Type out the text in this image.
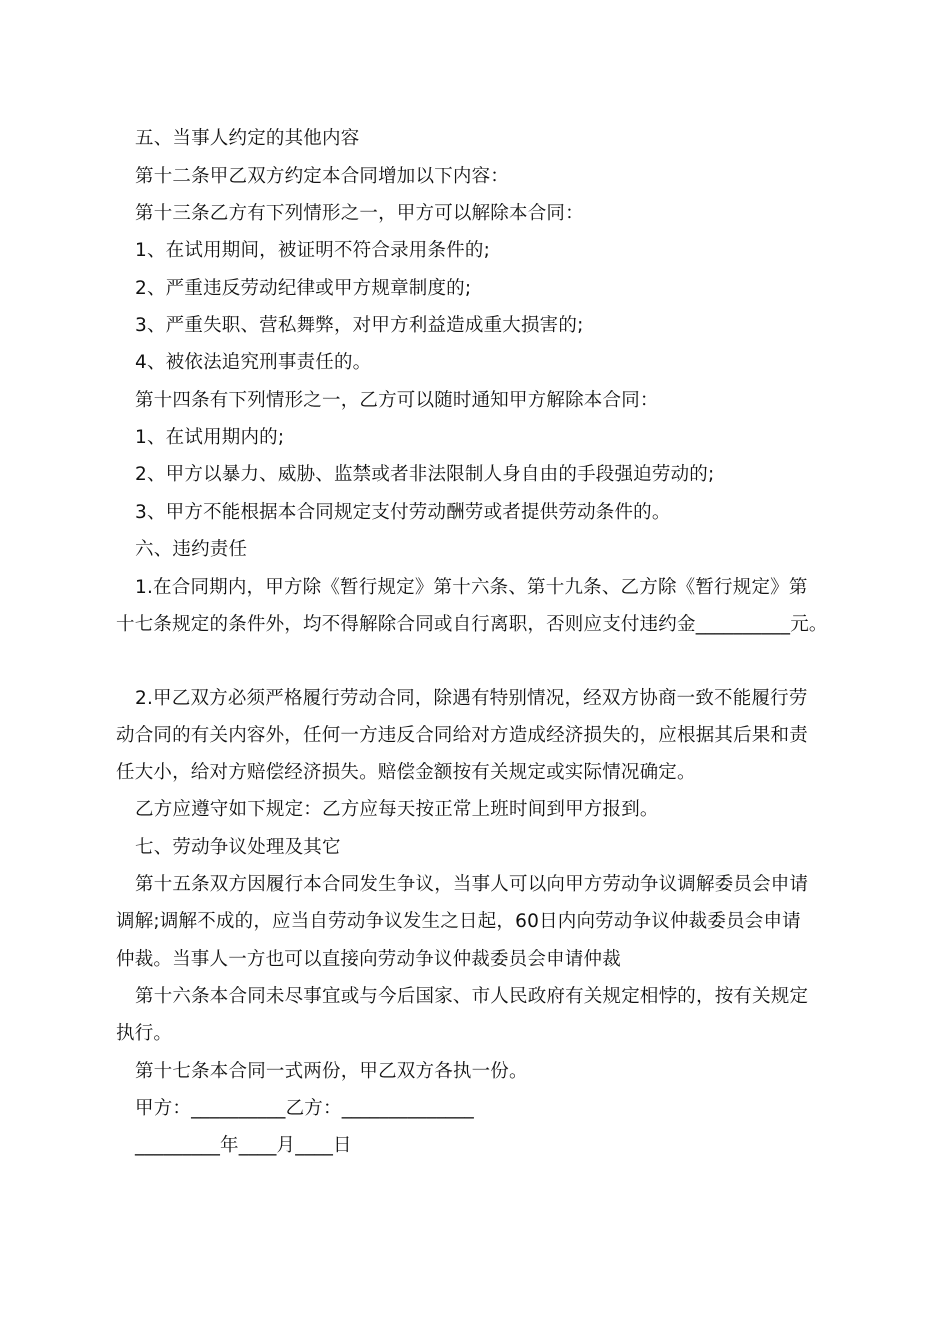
五、当事人约定的其他内容
第十二条甲乙双方约定本合同增加以下内容：
第十三条乙方有下列情形之一，甲方可以解除本合同：
1、在试用期间，被证明不符合录用条件的;
2、严重违反劳动纪律或甲方规章制度的;
3、严重失职、营私舞弊，对甲方利益造成重大损害的;
4、被依法追究刑事责任的。
第十四条有下列情形之一，乙方可以随时通知甲方解除本合同：
1、在试用期内的;
2、甲方以暴力、威胁、监禁或者非法限制人身自由的手段强迫劳动的;
3、甲方不能根据本合同规定支付劳动酬劳或者提供劳动条件的。
六、违约责任
1.在合同期内，甲方除《暂行规定》第十六条、第十九条、乙方除《暂行规定》第
十七条规定的条件外，均不得解除合同或自行离职，否则应支付违约金__________元。
2.甲乙双方必须严格履行劳动合同，除遇有特别情况，经双方协商一致不能履行劳
动合同的有关内容外，任何一方违反合同给对方造成经济损失的，应根据其后果和责
任大小，给对方赔偿经济损失。赔偿金额按有关规定或实际情况确定。
乙方应遵守如下规定：乙方应每天按正常上班时间到甲方报到。
七、劳动争议处理及其它
第十五条双方因履行本合同发生争议，当事人可以向甲方劳动争议调解委员会申请
调解;调解不成的，应当自劳动争议发生之日起，60日内向劳动争议仲裁委员会申请
仲裁。当事人一方也可以直接向劳动争议仲裁委员会申请仲裁
第十六条本合同未尽事宜或与今后国家、市人民政府有关规定相悖的，按有关规定
执行。
第十七条本合同一式两份，甲乙双方各执一份。
甲方：__________乙方：______________
_________年____月____日
